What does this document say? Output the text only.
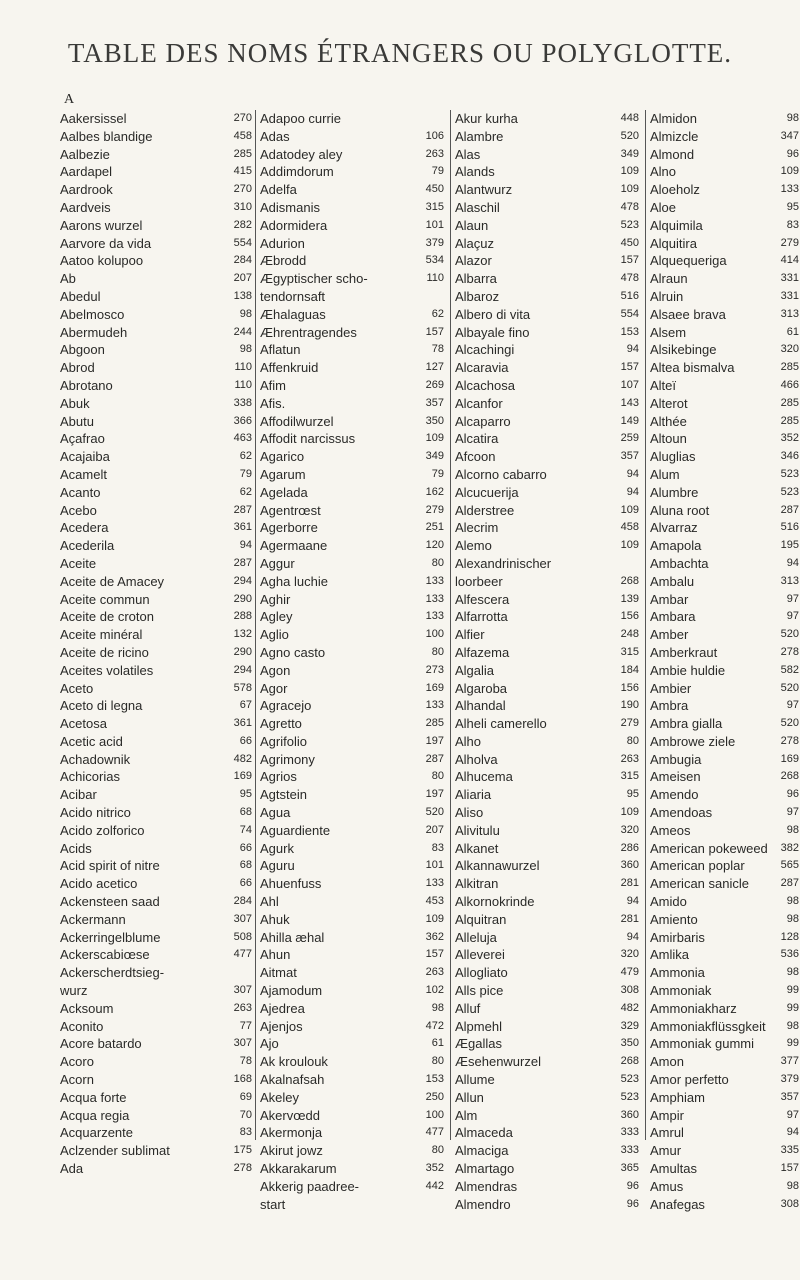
TABLE DES NOMS ÉTRANGERS OU POLYGLOTTE.
A
Aakersissel	270
Aalbes blandige	458
Aalbezie	285
Aardapel	415
Aardrook	270
Aardveis	310
Aarons wurzel	282
Aarvore da vida	554
Aatoo kolupoo	284
Ab	207
Abedul	138
Abelmosco	98
Abermudeh	244
Abgoon	98
Abrod	110
Abrotano	110
Abuk	338
Abutu	366
Açafrao	463
Acajaiba	62
Acamelt	79
Acanto	62
Acebo	287
Acedera	361
Acederila	94
Aceite	287
Aceite de Amacey	294
Aceite commun	290
Aceite de croton	288
Aceite minéral	132
Aceite de ricino	290
Aceites volatiles	294
Aceto	578
Aceto di legna	67
Acetosa	361
Acetic acid	66
Achadownik	482
Achicorias	169
Acibar	95
Acido nitrico	68
Acido zolforico	74
Acids	66
Acid spirit of nitre	68
Acido acetico	66
Ackensteen saad	284
Ackermann	307
Ackerringelblume	508
Ackerscabiœse	477
Ackerscherdtsieg-
wurz	307
Acksoum	263
Aconito	77
Acore batardo	307
Acoro	78
Acorn	168
Acqua forte	69
Acqua regia	70
Acquarzente	83
Aclzender sublimat	175
Ada	278
Adapoo currie
Adas	106
Adatodey aley	263
Addimdorum	79
Adelfa	450
Adismanis	315
Adormidera	101
Adurion	379
Æbrodd	534
Ægyptischer scho-	110
tendornsaft
Æhalaguas	62
Æhrentragendes	157
Aflatun	78
Affenkruid	127
Afim	269
Afis.	357
Affodilwurzel	350
Affodit narcissus	109
Agarico	349
Agarum	79
Agelada	162
Agentrœst	279
Agerborre	251
Agermaane	120
Aggur	80
Agha luchie	133
Aghir	133
Agley	133
Aglio	100
Agno casto	80
Agon	273
Agor	169
Agracejo	133
Agretto	285
Agrifolio	197
Agrimony	287
Agrios	80
Agtstein	197
Agua	520
Aguardiente	207
Agurk	83
Aguru	101
Ahuenfuss	133
Ahl	453
Ahuk	109
Ahilla æhal	362
Ahun	157
Aitmat	263
Ajamodum	102
Ajedrea	98
Ajenjos	472
Ajo	61
Ak kroulouk	80
Akalnafsah	153
Akeley	250
Akervœdd	100
Akermonja	477
Akirut jowz	80
Akkarakarum	352
Akkerig paadree-	442
start
Akur kurha	448
Alambre	520
Alas	349
Alands	109
Alantwurz	109
Alaschil	478
Alaun	523
Alaçuz	450
Alazor	157
Albarra	478
Albaroz	516
Albero di vita	554
Albayale fino	153
Alcachingi	94
Alcaravia	157
Alcachosa	107
Alcanfor	143
Alcaparro	149
Alcatira	259
Afcoon	357
Alcorno cabarro	94
Alcucuerija	94
Alderstree	109
Alecrim	458
Alemo	109
Alexandrinischer
loorbeer	268
Alfescera	139
Alfarrotta	156
Alfier	248
Alfazema	315
Algalia	184
Algaroba	156
Alhandal	190
Alheli camerello	279
Alho	80
Alholva	263
Alhucema	315
Aliaria	95
Aliso	109
Alivitulu	320
Alkanet	286
Alkannawurzel	360
Alkitran	281
Alkornokrinde	94
Alquitran	281
Alleluja	94
Alleverei	320
Allogliato	479
Alls pice	308
Alluf	482
Alpmehl	329
Ægallas	350
Æsehenwurzel	268
Allume	523
Allun	523
Alm	360
Almaceda	333
Almaciga	333
Almartago	365
Almendras	96
Almendro	96
Almidon	98
Almizcle	347
Almond	96
Alno	109
Aloeholz	133
Aloe	95
Alquimila	83
Alquitira	279
Alquequeriga	414
Alraun	331
Alruin	331
Alsaee brava	313
Alsem	61
Alsikebinge	320
Altea bismalva	285
Alteï	466
Alterot	285
Althée	285
Altoun	352
Aluglias	346
Alum	523
Alumbre	523
Aluna root	287
Alvarraz	516
Amapola	195
Ambachta	94
Ambalu	313
Ambar	97
Ambara	97
Amber	520
Amberkraut	278
Ambie huldie	582
Ambier	520
Ambra	97
Ambra gialla	520
Ambrowe ziele	278
Ambugia	169
Ameisen	268
Amendo	96
Amendoas	97
Ameos	98
American pokeweed 382
American poplar	565
American sanicle	287
Amido	98
Amiento	98
Amirbaris	128
Amlika	536
Ammonia	98
Ammoniak	99
Ammoniakharz	99
Ammoniakflüssgkeit 98
Ammoniak gummi	99
Amon	377
Amor perfetto	379
Amphiam	357
Ampir	97
Amrul	94
Amur	335
Amultas	157
Amus	98
Anafegas	308
